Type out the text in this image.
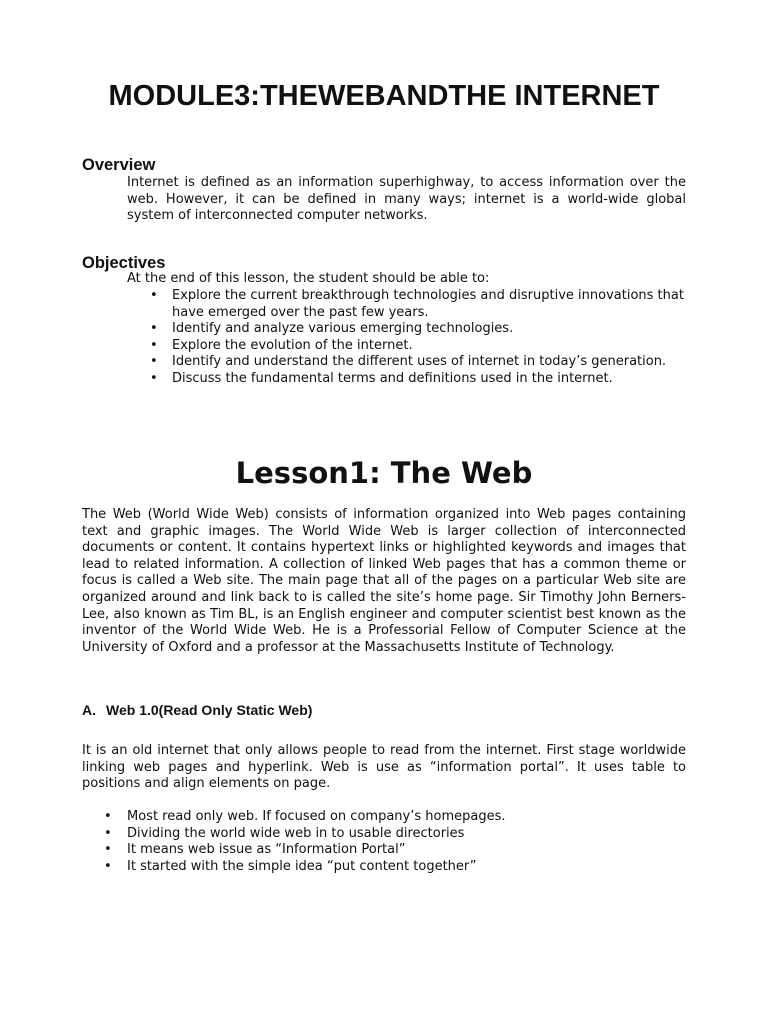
MODULE3:THEWEBANDTHE INTERNET
Overview

Internet is defined as an information superhighway, to access information over the web. However, it can be defined in many ways; internet is a world-wide global system of interconnected computer networks.

Objectives

At the end of this lesson, the student should be able to:

• Explore the current breakthrough technologies and disruptive innovations that have emerged over the past few years.
• Identify and analyze various emerging technologies.
• Explore the evolution of the internet.
• Identify and understand the different uses of internet in today’s generation.
• Discuss the fundamental terms and definitions used in the internet.
Lesson1: The Web

The Web (World Wide Web) consists of information organized into Web pages containing text and graphic images. The World Wide Web is larger collection of interconnected documents or content. It contains hypertext links or highlighted keywords and images that lead to related information. A collection of linked Web pages that has a common theme or focus is called a Web site. The main page that all of the pages on a particular Web site are organized around and link back to is called the site’s home page. Sir Timothy John Berners-Lee, also known as Tim BL, is an English engineer and computer scientist best known as the inventor of the World Wide Web. He is a Professorial Fellow of Computer Science at the University of Oxford and a professor at the Massachusetts Institute of Technology.

A. Web 1.0(Read Only Static Web)

It is an old internet that only allows people to read from the internet. First stage worldwide linking web pages and hyperlink. Web is use as “information portal”. It uses table to positions and align elements on page.

• Most read only web. If focused on company’s homepages.
• Dividing the world wide web in to usable directories
• It means web issue as “Information Portal”
• It started with the simple idea “put content together”
